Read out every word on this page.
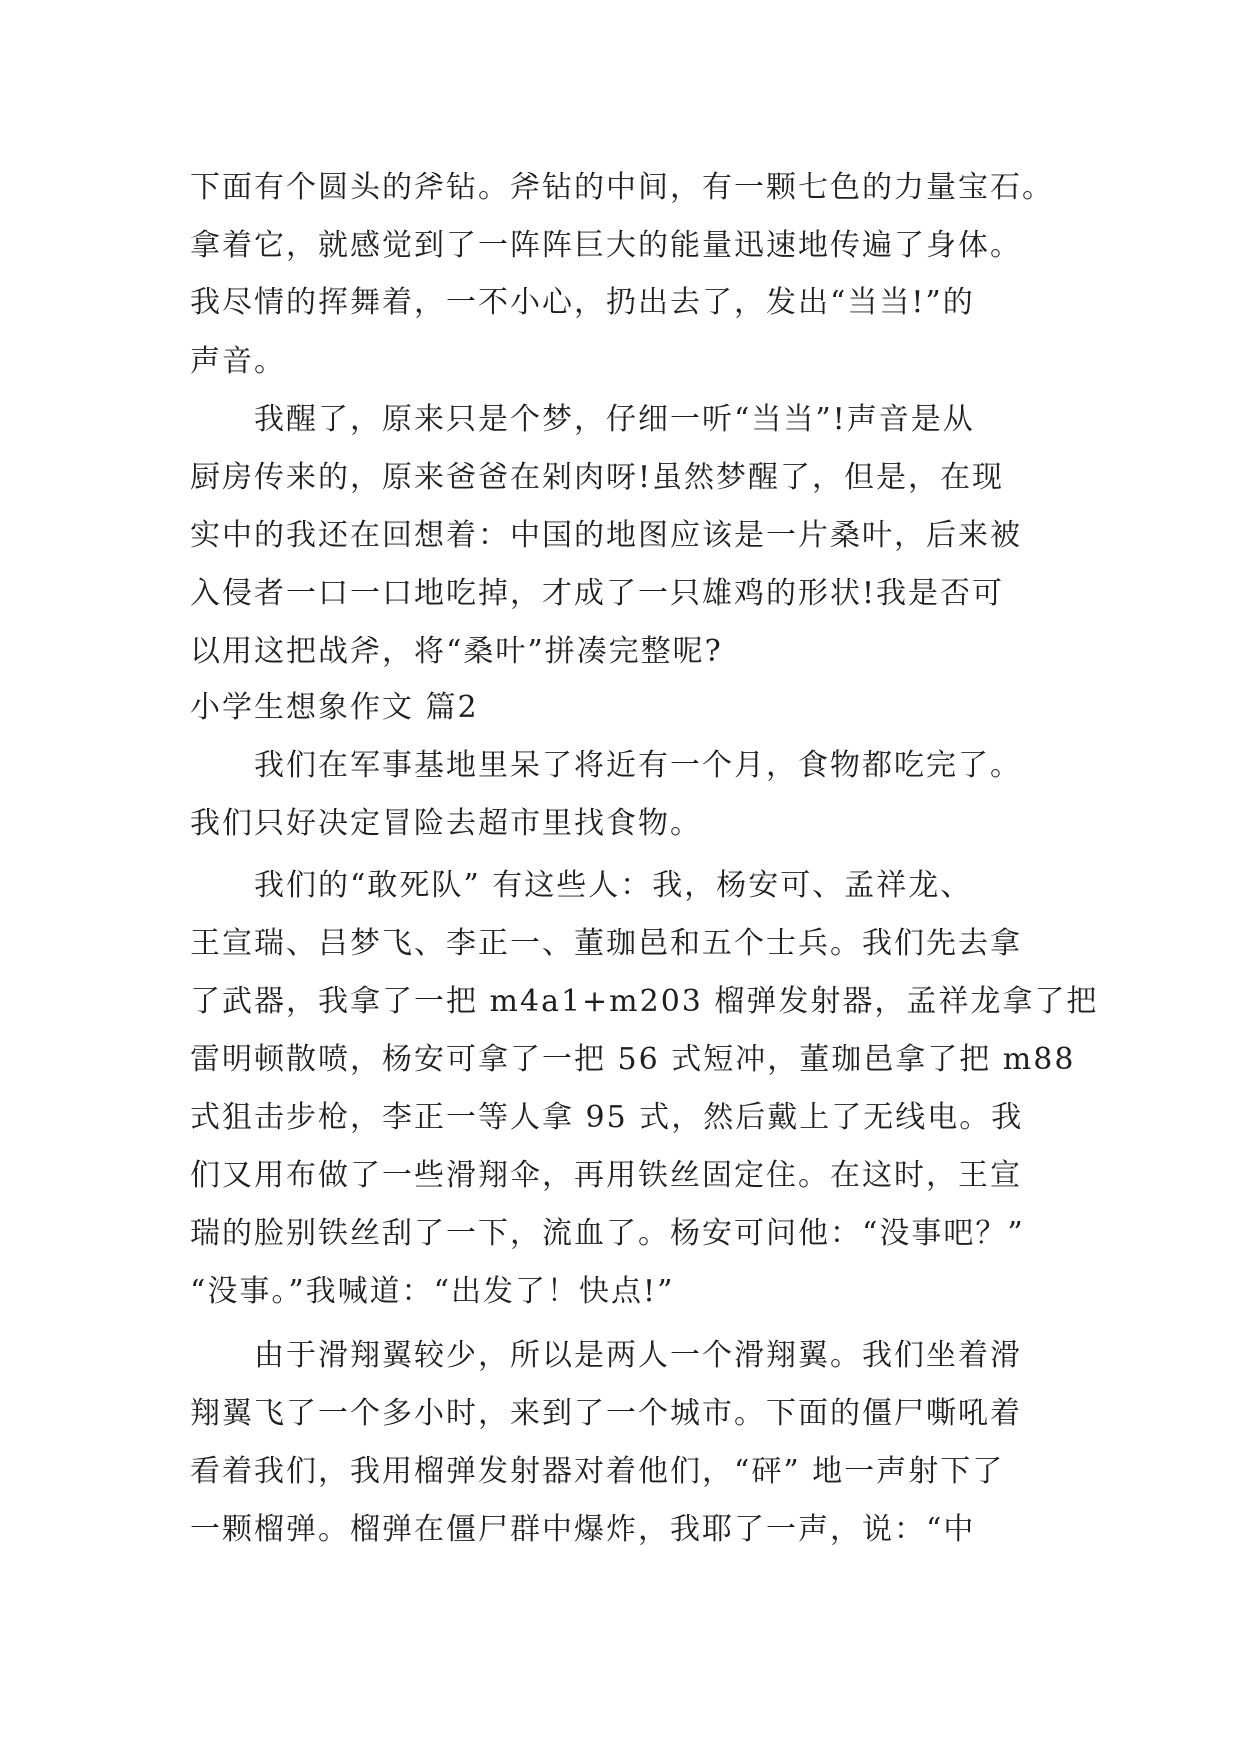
下面有个圆头的斧钻。斧钻的中间，有一颗七色的力量宝石。
拿着它，就感觉到了一阵阵巨大的能量迅速地传遍了身体。
我尽情的挥舞着，一不小心，扔出去了，发出“当当!”的
声音。
我醒了，原来只是个梦，仔细一听“当当”!声音是从
厨房传来的，原来爸爸在剁肉呀!虽然梦醒了，但是，在现
实中的我还在回想着：中国的地图应该是一片桑叶，后来被
入侵者一口一口地吃掉，才成了一只雄鸡的形状!我是否可
以用这把战斧，将“桑叶”拼凑完整呢?
小学生想象作文 篇2
我们在军事基地里呆了将近有一个月，食物都吃完了。
我们只好决定冒险去超市里找食物。
我们的“敢死队” 有这些人：我，杨安可、孟祥龙、
王宣瑞、吕梦飞、李正一、董珈邑和五个士兵。我们先去拿
了武器，我拿了一把 m4a1+m203 榴弹发射器，孟祥龙拿了把
雷明顿散喷，杨安可拿了一把 56 式短冲，董珈邑拿了把 m88
式狙击步枪，李正一等人拿 95 式，然后戴上了无线电。我
们又用布做了一些滑翔伞，再用铁丝固定住。在这时，王宣
瑞的脸别铁丝刮了一下，流血了。杨安可问他：“没事吧？”
“没事。”我喊道：“出发了！快点!”
由于滑翔翼较少，所以是两人一个滑翔翼。我们坐着滑
翔翼飞了一个多小时，来到了一个城市。下面的僵尸嘶吼着
看着我们，我用榴弹发射器对着他们，“砰” 地一声射下了
一颗榴弹。榴弹在僵尸群中爆炸，我耶了一声，说：“中
